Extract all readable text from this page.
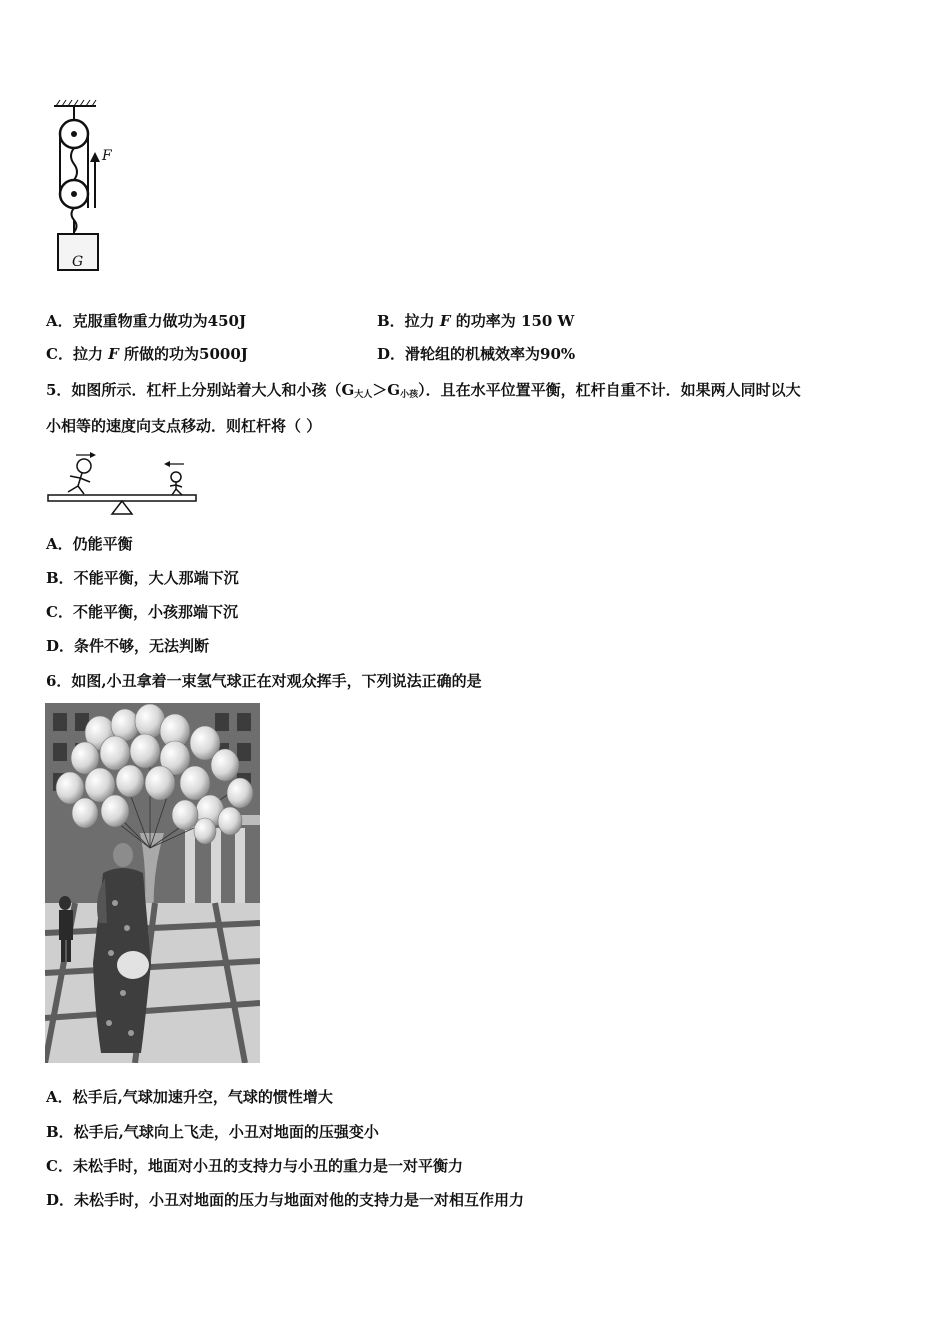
F
G
A．克服重物重力做功为450J	B．拉力 F 的功率为 150 W
C．拉力 F 所做的功为5000J	D．滑轮组的机械效率为90%
5．如图所示．杠杆上分别站着大人和小孩$(G_{大人}>G_{小孩})$．且在水平位置平衡，杠杆自重不计．如果两人同时以大
小相等的速度向支点移动．则杠杆将（ ）
A．仍能平衡
B．不能平衡，大人那端下沉
C．不能平衡，小孩那端下沉
D．条件不够，无法判断
6．如图,小丑拿着一束氢气球正在对观众挥手，下列说法正确的是
A．松手后,气球加速升空，气球的惯性增大
B．松手后,气球向上飞走，小丑对地面的压强变小
C．未松手时，地面对小丑的支持力与小丑的重力是一对平衡力
D．未松手时，小丑对地面的压力与地面对他的支持力是一对相互作用力
